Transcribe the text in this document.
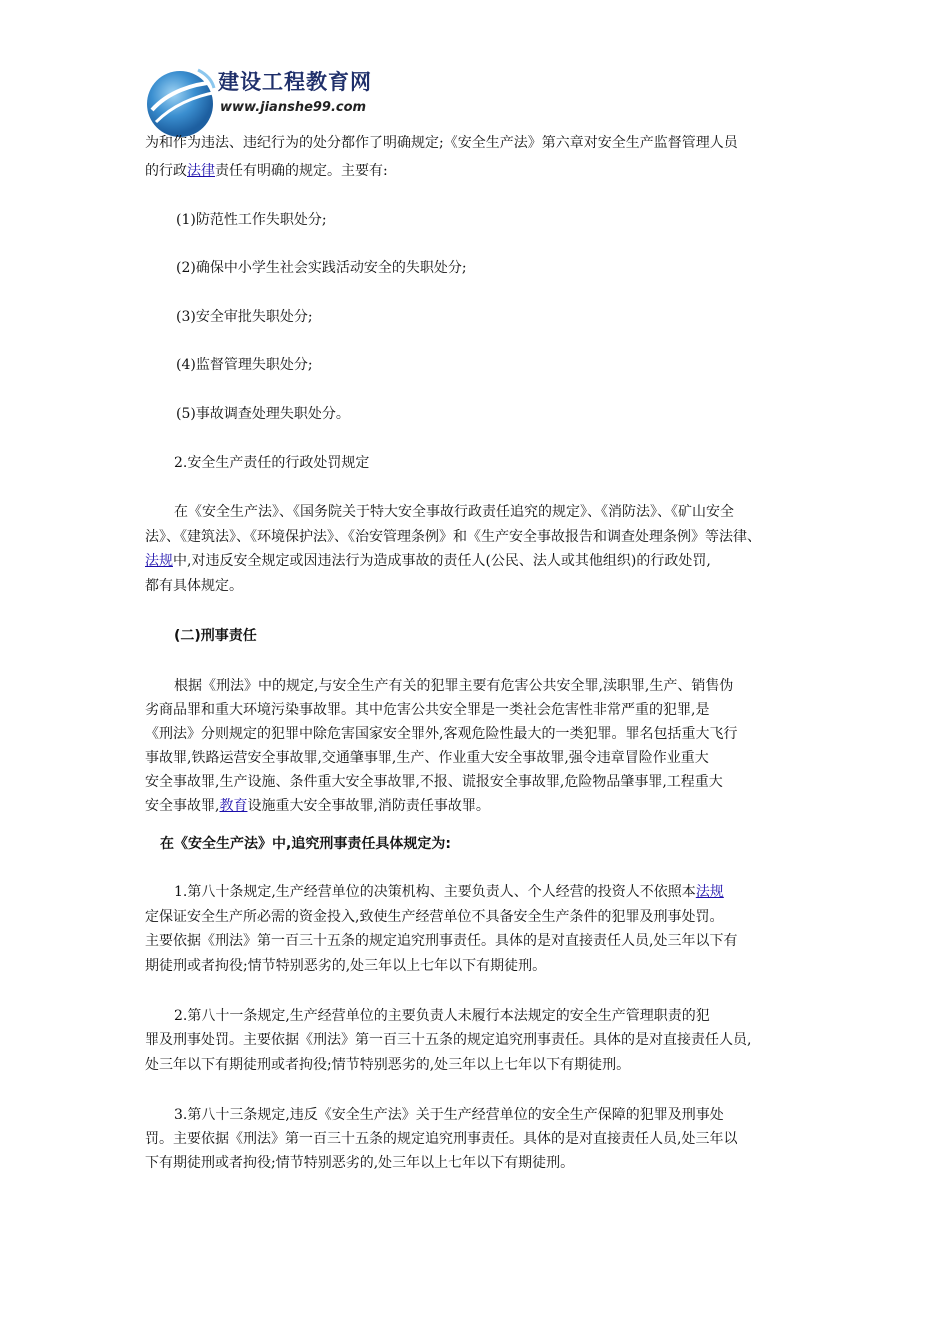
建设工程教育网
www.jianshe99.com
为和作为违法、违纪行为的处分都作了明确规定;《安全生产法》第六章对安全生产监督管理人员
的行政法律责任有明确的规定。主要有:
(1)防范性工作失职处分;
(2)确保中小学生社会实践活动安全的失职处分;
(3)安全审批失职处分;
(4)监督管理失职处分;
(5)事故调查处理失职处分。
2.安全生产责任的行政处罚规定
在《安全生产法》、《国务院关于特大安全事故行政责任追究的规定》、《消防法》、《矿山安全
法》、《建筑法》、《环境保护法》、《治安管理条例》和《生产安全事故报告和调查处理条例》等法律、
法规中,对违反安全规定或因违法行为造成事故的责任人(公民、法人或其他组织)的行政处罚,
都有具体规定。
(二)刑事责任
根据《刑法》中的规定,与安全生产有关的犯罪主要有危害公共安全罪,渎职罪,生产、销售伪
劣商品罪和重大环境污染事故罪。其中危害公共安全罪是一类社会危害性非常严重的犯罪,是
《刑法》分则规定的犯罪中除危害国家安全罪外,客观危险性最大的一类犯罪。罪名包括重大飞行
事故罪,铁路运营安全事故罪,交通肇事罪,生产、作业重大安全事故罪,强令违章冒险作业重大
安全事故罪,生产设施、条件重大安全事故罪,不报、谎报安全事故罪,危险物品肇事罪,工程重大
安全事故罪,教育设施重大安全事故罪,消防责任事故罪。
在《安全生产法》中,追究刑事责任具体规定为:
1.第八十条规定,生产经营单位的决策机构、主要负责人、个人经营的投资人不依照本法规
定保证安全生产所必需的资金投入,致使生产经营单位不具备安全生产条件的犯罪及刑事处罚。
主要依据《刑法》第一百三十五条的规定追究刑事责任。具体的是对直接责任人员,处三年以下有
期徒刑或者拘役;情节特别恶劣的,处三年以上七年以下有期徒刑。
2.第八十一条规定,生产经营单位的主要负责人未履行本法规定的安全生产管理职责的犯
罪及刑事处罚。主要依据《刑法》第一百三十五条的规定追究刑事责任。具体的是对直接责任人员,
处三年以下有期徒刑或者拘役;情节特别恶劣的,处三年以上七年以下有期徒刑。
3.第八十三条规定,违反《安全生产法》关于生产经营单位的安全生产保障的犯罪及刑事处
罚。主要依据《刑法》第一百三十五条的规定追究刑事责任。具体的是对直接责任人员,处三年以
下有期徒刑或者拘役;情节特别恶劣的,处三年以上七年以下有期徒刑。
